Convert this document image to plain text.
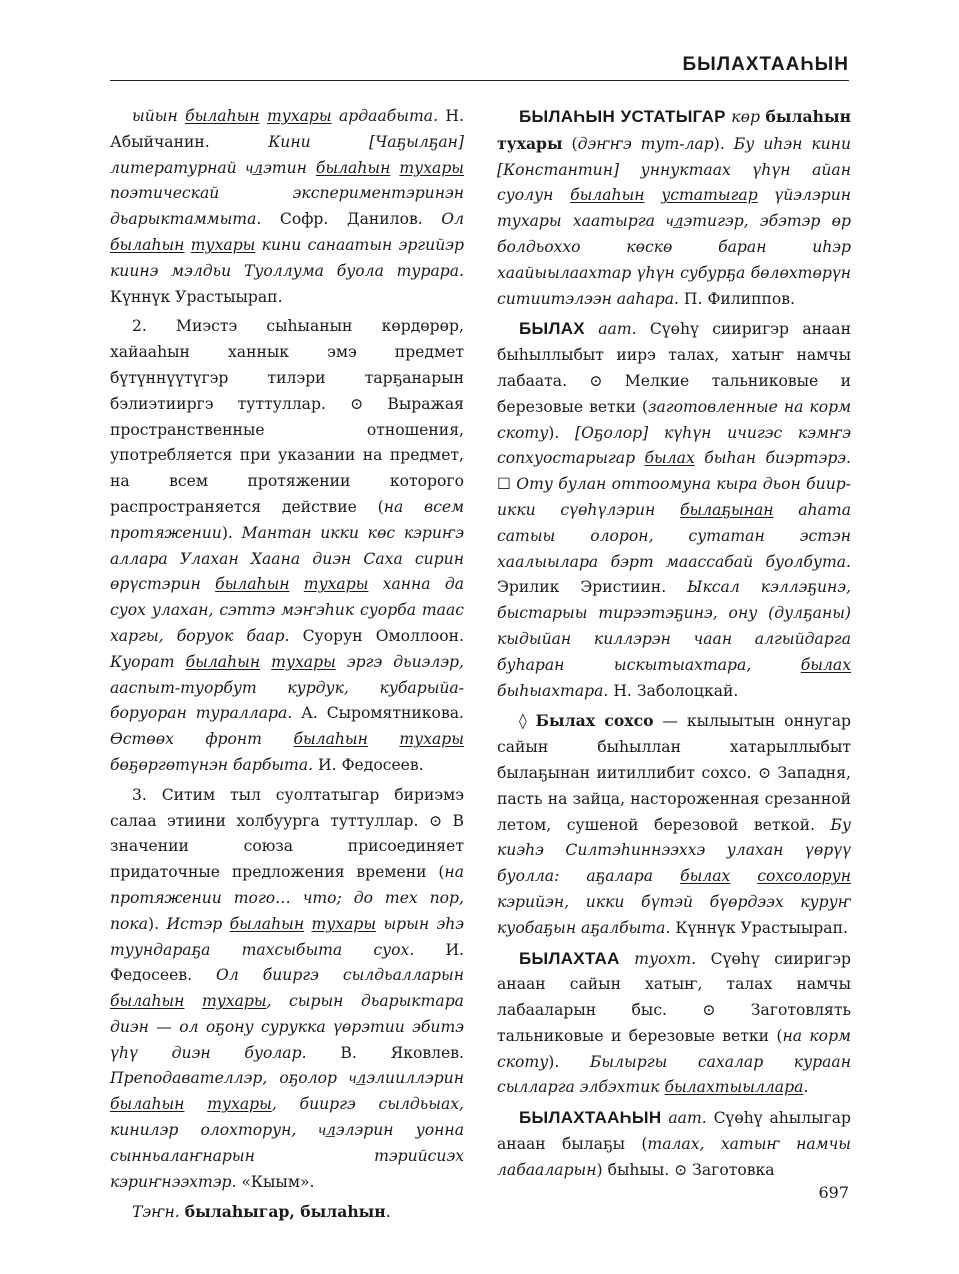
БЫЛАХТААҺЫН

ыйын былаһын тухары ардаабыта. Н. Абыйчанин. Кини [Чаҕылҕан] литературнай ч͟лэтин былаһын тухары поэтическай экспериментэринэн дьарыктаммыта. Софр. Данилов. Ол былаһын тухары кини санаатын эргийэр киинэ мэлдьи Туоллума буола турара. Күннүк Урастыырап.

2. Миэстэ сыһыанын көрдөрөр, хайааһын ханнык эмэ предмет бүтүннүүтүгэр тилэри тарҕанарын бэлиэтииргэ туттуллар. ⊙ Выражая пространственные отношения, употребляется при указании на предмет, на всем протяжении которого распространяется действие (на всем протяжении). Мантан икки көс кэриҥэ аллара Улахан Хаана диэн Саха сирин өрүстэрин былаһын тухары ханна да суох улахан, сэттэ мэҥэһик суорба таас харгы, боруок баар. Суорун Омоллоон. Куорат былаһын тухары эргэ дьиэлэр, ааспыт-туорбут курдук, кубарыйа-боруоран тураллара. А. Сыромятникова. Өстөөх фронт былаһын тухары бөҕөргөтүнэн барбыта. И. Федосеев.

3. Ситим тыл суолтатыгар бириэмэ салаа этиини холбуурга туттуллар. ⊙ В значении союза присоединяет придаточные предложения времени (на протяжении того… что; до тех пор, пока). Истэр былаһын тухары ырын эһэ туундараҕа тахсыбыта суох. И. Федосеев. Ол бииргэ сылдьалларын былаһын тухары, сырын дьарыктара диэн — ол оҕону сурукка үөрэтии эбитэ үһү диэн буолар. В. Яковлев. Преподавателлэр, оҕолор ч͟лэлииллэрин былаһын тухары, бииргэ сылдьыах, кинилэр олохторун, ч͟лэлэрин уонна сынньалаҥнарын тэрийсиэх кэриҥнээхтэр. «Кыым».

Тэҥн. былаһыгар, былаһын.

БЫЛАҺЫН УСТАТЫГАР көр былаһын тухары (дэҥҥэ тут-лар). Бу иһэн кини [Константин] уннуктаах үһүн айан суолун былаһын устатыгар үйэлэрин тухары хаатырга ч͟лэтигэр, эбэтэр өр болдьоххо көскө баран иһэр хаайыылаахтар үһүн субурҕа бөлөхтөрүн ситиитэлээн ааһара. П. Филиппов.

БЫЛАХ аат. Сүөһү сииригэр анаан быһыллыбыт иирэ талах, хатыҥ намчы лабаата. ⊙ Мелкие тальниковые и березовые ветки (заготовленные на корм скоту). [Оҕолор] күһүн ичигэс кэмҥэ сопхуостарыгар былах быһан биэртэрэ. ☐ Оту булан оттоомуна кыра дьон биир-икки сүөһүлэрин былаҕынан аһата сатыы олорон, сутатан эстэн хаалыылара бэрт маассабай буолбута. Эрилик Эристиин. Ыксал кэллэҕинэ, быстарыы тирээтэҕинэ, ону (дулҕаны) кыдыйан киллэрэн чаан алгыйдарга буһаран ыскытыахтара, былах быһыахтара. Н. Заболоцкай.

◊ Былах сохсо — кылыытын оннугар сайын быһыллан хатарыллыбыт былаҕынан иитиллибит сохсо. ⊙ Западня, пасть на зайца, настороженная срезанной летом, сушеной березовой веткой. Бу киэһэ Силтэһиннээххэ улахан үөрүү буолла: аҕалара былах сохсолорун кэрийэн, икки бүтэй бүөрдээх куруҥ куобаҕын аҕалбыта. Күннүк Урастыырап.

БЫЛАХТАА туохт. Сүөһү сииригэр анаан сайын хатыҥ, талах намчы лабааларын быс. ⊙ Заготовлять тальниковые и березовые ветки (на корм скоту). Былыргы сахалар кураан сылларга элбэхтик былахтыыллара.

БЫЛАХТААҺЫН аат. Сүөһү аһылыгар анаан былаҕы (талах, хатыҥ намчы лабааларын) быһыы. ⊙ Заготовка

697
